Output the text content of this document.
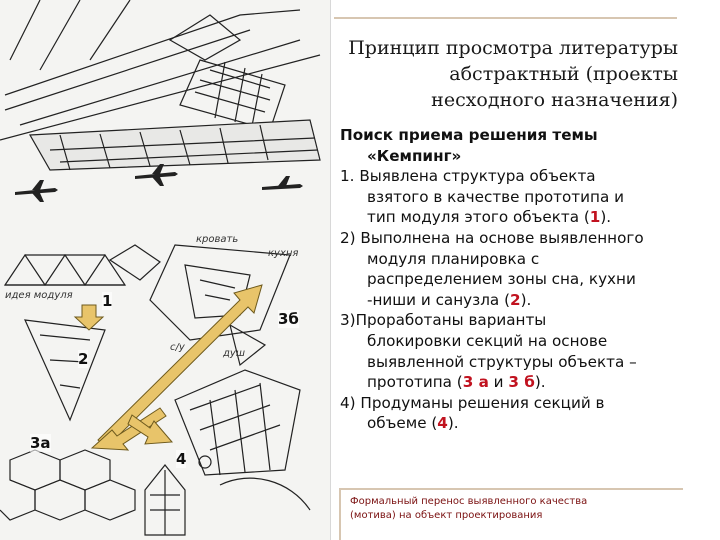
кровать
кухня
идея модуля
душ
с/у
1
2
3а
3б
4
Принцип просмотра литературы
абстрактный (проекты
несходного назначения)
Поиск приема решения темы
«Кемпинг»
1. Выявлена структура объекта
взятого в качестве прототипа и
тип модуля этого объекта (1).
2) Выполнена на основе выявленного
модуля планировка с
распределением зоны сна, кухни
-ниши и санузла (2).
3)Проработаны варианты
блокировки секций на основе
выявленной структуры объекта –
прототипа (3 а и 3 б).
4) Продуманы решения секций в
объеме (4).
Формальный перенос выявленного качества
(мотива) на объект проектирования
